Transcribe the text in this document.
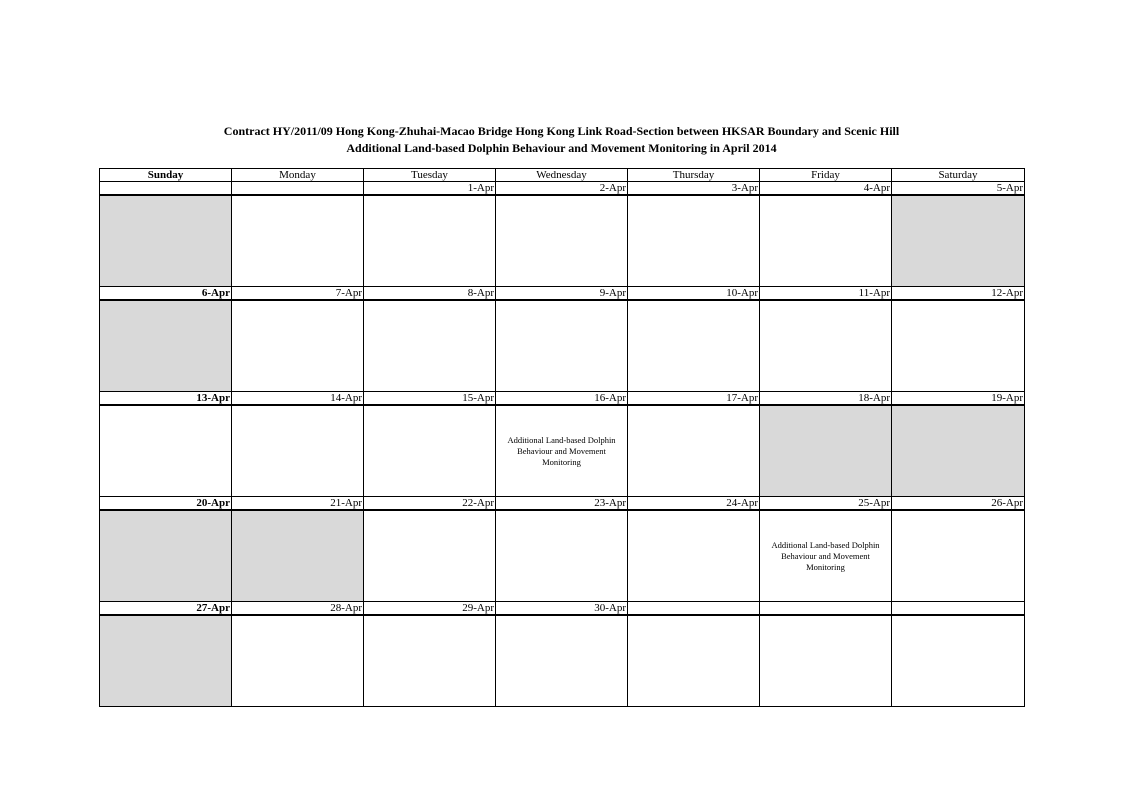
Contract HY/2011/09 Hong Kong-Zhuhai-Macao Bridge Hong Kong Link Road-Section between HKSAR Boundary and Scenic Hill
Additional Land-based Dolphin Behaviour and Movement Monitoring in April 2014
Sunday	Monday	Tuesday	Wednesday	Thursday	Friday	Saturday
		1-Apr	2-Apr	3-Apr	4-Apr	5-Apr

6-Apr	7-Apr	8-Apr	9-Apr	10-Apr	11-Apr	12-Apr

13-Apr	14-Apr	15-Apr	16-Apr	17-Apr	18-Apr	19-Apr

			Additional Land-based Dolphin Behaviour and Movement Monitoring			

20-Apr	21-Apr	22-Apr	23-Apr	24-Apr	25-Apr	26-Apr

					Additional Land-based Dolphin Behaviour and Movement Monitoring	

27-Apr	28-Apr	29-Apr	30-Apr			
